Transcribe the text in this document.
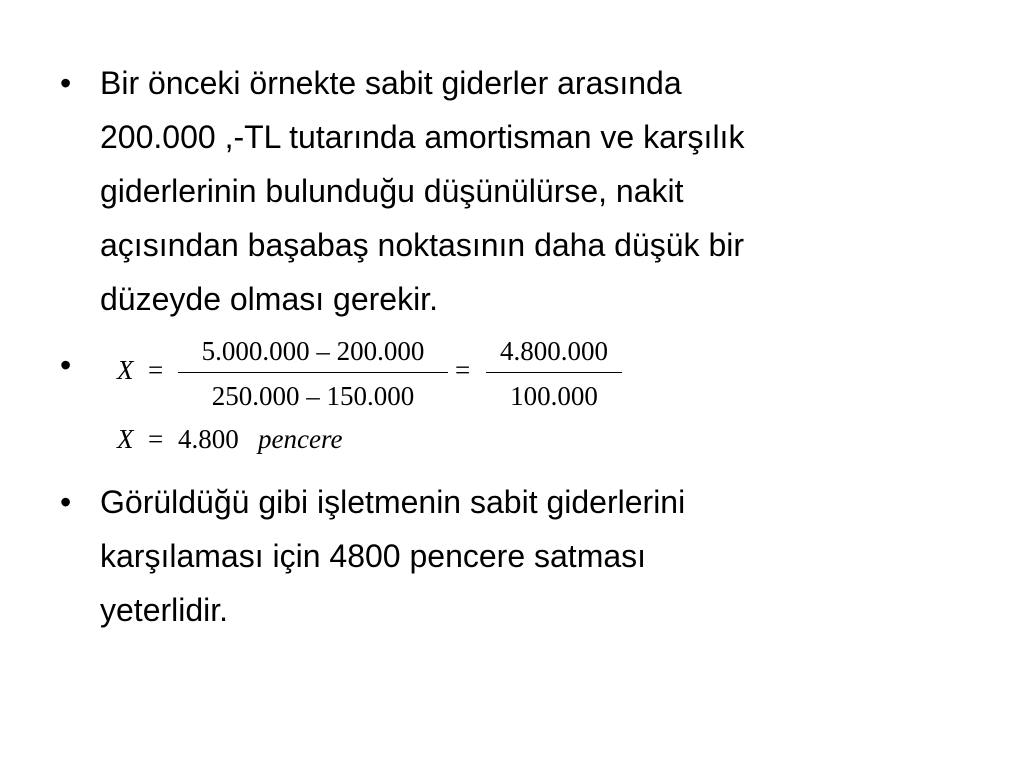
• Bir önceki örnekte sabit giderler arasında
200.000 ,-TL tutarında amortisman ve karşılık
giderlerinin bulunduğu düşünülürse, nakit
açısından başabaş noktasının daha düşük bir
düzeyde olması gerekir.
• X =
5.000.000 – 200.000
250.000 – 150.000
=
4.800.000
100.000
X = 4.800 pencere
• Görüldüğü gibi işletmenin sabit giderlerini
karşılaması için 4800 pencere satması
yeterlidir.
